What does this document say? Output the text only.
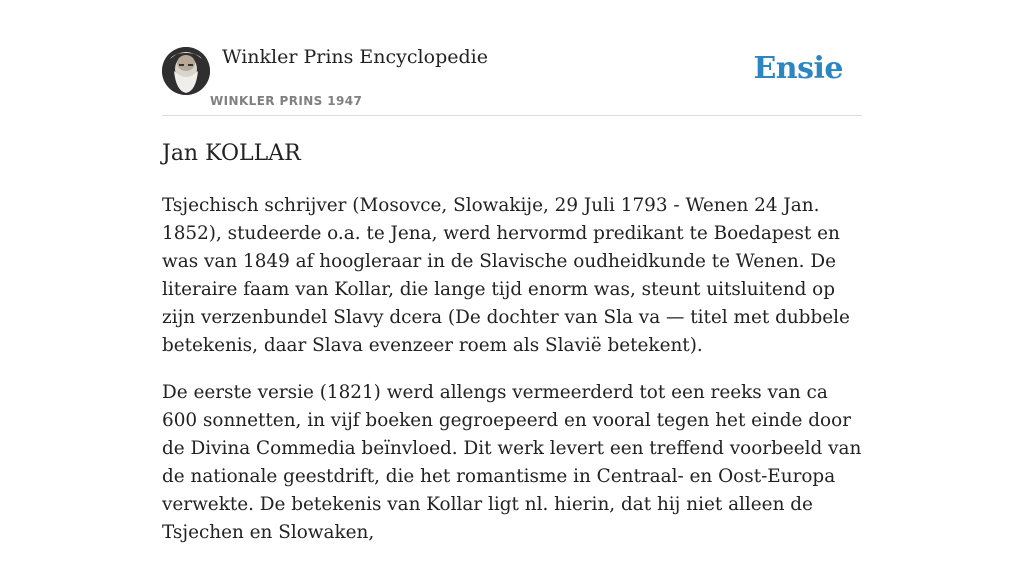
Winkler Prins Encyclopedie
WINKLER PRINS 1947
Ensie
Jan KOLLAR

Tsjechisch schrijver (Mosovce, Slowakije, 29 Juli 1793 - Wenen 24 Jan. 1852), studeerde o.a. te Jena, werd hervormd predikant te Boedapest en was van 1849 af hoogleraar in de Slavische oudheidkunde te Wenen. De literaire faam van Kollar, die lange tijd enorm was, steunt uitsluitend op zijn verzenbundel Slavy dcera (De dochter van Sla va — titel met dubbele betekenis, daar Slava evenzeer roem als Slavië betekent).

De eerste versie (1821) werd allengs vermeerderd tot een reeks van ca 600 sonnetten, in vijf boeken gegroepeerd en vooral tegen het einde door de Divina Commedia beïnvloed. Dit werk levert een treffend voorbeeld van de nationale geestdrift, die het romantisme in Centraal- en Oost-Europa verwekte. De betekenis van Kollar ligt nl. hierin, dat hij niet alleen de Tsjechen en Slowaken,
